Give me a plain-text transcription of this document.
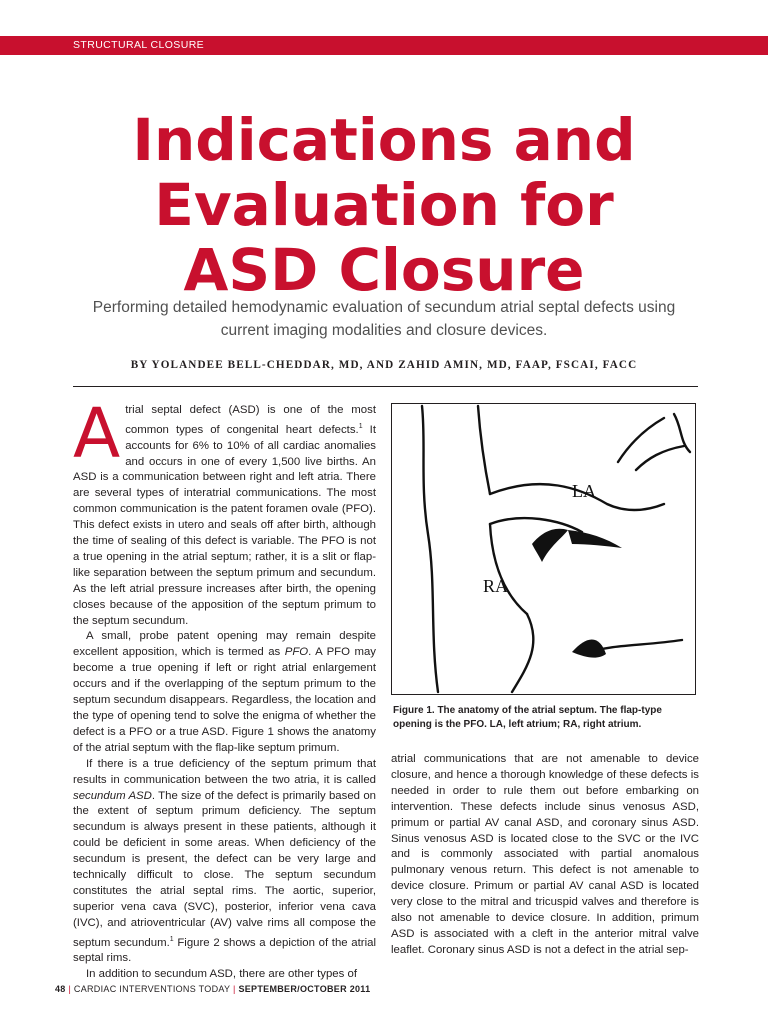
STRUCTURAL CLOSURE
Indications and
Evaluation for
ASD Closure

Performing detailed hemodynamic evaluation of secundum atrial septal defects using current imaging modalities and closure devices.

BY YOLANDEE BELL-CHEDDAR, MD, AND ZAHID AMIN, MD, FAAP, FSCAI, FACC

Atrial septal defect (ASD) is one of the most common types of congenital heart defects.$^1$ It accounts for 6% to 10% of all cardiac anomalies and occurs in one of every 1,500 live births. An ASD is a communication between right and left atria. There are several types of interatrial communications. The most common communication is the patent foramen ovale (PFO). This defect exists in utero and seals off after birth, although the time of sealing of this defect is variable. The PFO is not a true opening in the atrial septum; rather, it is a slit or flap-like separation between the septum primum and secundum. As the left atrial pressure increases after birth, the opening closes because of the apposition of the septum primum to the septum secundum.

A small, probe patent opening may remain despite excellent apposition, which is termed as PFO. A PFO may become a true opening if left or right atrial enlargement occurs and if the overlapping of the septum primum to the septum secundum disappears. Regardless, the location and the type of opening tend to solve the enigma of whether the defect is a PFO or a true ASD. Figure 1 shows the anatomy of the atrial septum with the flap-like septum primum.

If there is a true deficiency of the septum primum that results in communication between the two atria, it is called secundum ASD. The size of the defect is primarily based on the extent of septum primum deficiency. The septum secundum is always present in these patients, although it could be deficient in some areas. When deficiency of the secundum is present, the defect can be very large and technically difficult to close. The septum secundum constitutes the atrial septal rims. The aortic, superior, superior vena cava (SVC), posterior, inferior vena cava (IVC), and atrioventricular (AV) valve rims all compose the septum secundum.$^1$ Figure 2 shows a depiction of the atrial septal rims.

In addition to secundum ASD, there are other types of

LA
RA

Figure 1. The anatomy of the atrial septum. The flap-type opening is the PFO. LA, left atrium; RA, right atrium.

atrial communications that are not amenable to device closure, and hence a thorough knowledge of these defects is needed in order to rule them out before embarking on intervention. These defects include sinus venosus ASD, primum or partial AV canal ASD, and coronary sinus ASD. Sinus venosus ASD is located close to the SVC or the IVC and is commonly associated with partial anomalous pulmonary venous return. This defect is not amenable to device closure. Primum or partial AV canal ASD is located very close to the mitral and tricuspid valves and therefore is also not amenable to device closure. In addition, primum ASD is associated with a cleft in the anterior mitral valve leaflet. Coronary sinus ASD is not a defect in the atrial sep-

48 | CARDIAC INTERVENTIONS TODAY | SEPTEMBER/OCTOBER 2011
